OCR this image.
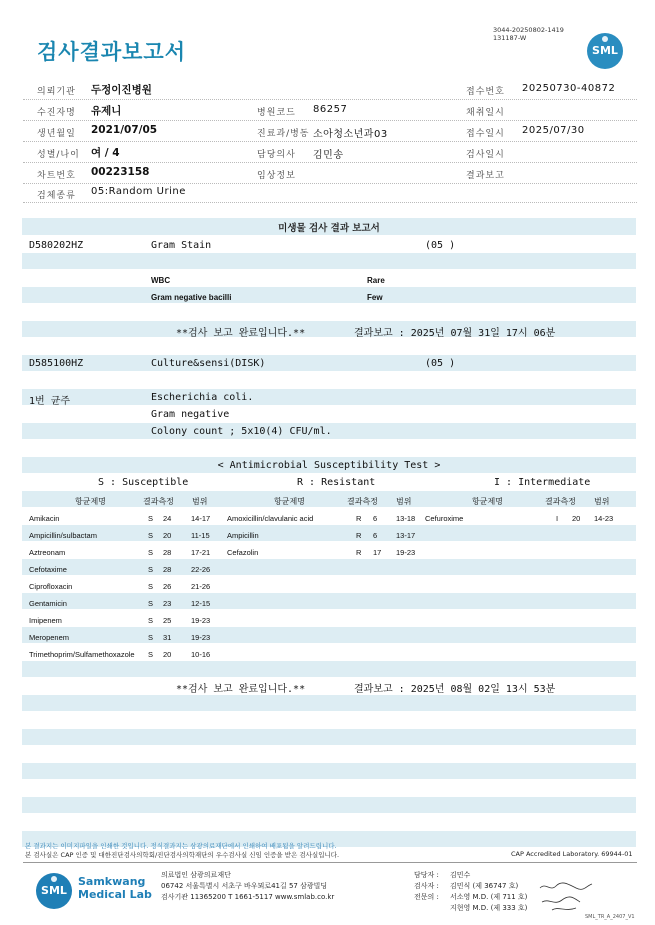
검사결과보고서
3044-20250802-1419
131187-W
SML
의뢰기관 두정이진병원
수진자명 유제니
생년월일 2021/07/05
성별/나이 여 / 4
차트번호 00223158
검체종류 05:Random Urine
병원코드 86257
진료과/병동 소아청소년과03
담당의사 김민송
임상정보
접수번호 20250730-40872
채취일시
접수일시 2025/07/30
검사일시
결과보고
미생물 검사 결과 보고서
D580202HZ	Gram Stain	(05 )
WBC	Rare
Gram negative bacilli	Few
**검사 보고 완료입니다.**	결과보고 : 2025년 07월 31일 17시 06분
D585100HZ	Culture&sensi(DISK)	(05 )
1번 균주	Escherichia coli.
Gram negative
Colony count ; 5x10(4) CFU/ml.
< Antimicrobial Susceptibility Test >
S : Susceptible	R : Resistant	I : Intermediate
항균제명	결과측정 범위	항균제명	결과측정 범위	항균제명	결과측정 범위
Amikacin	S 24	14-17
Ampicillin/sulbactam	S 20	11-15
Aztreonam	S 28	17-21
Cefotaxime	S 28	22-26
Ciprofloxacin	S 26	21-26
Gentamicin	S 23	12-15
Imipenem	S 25	19-23
Meropenem	S 31	19-23
Trimethoprim/Sulfamethoxazole S 20	10-16
Amoxicillin/clavulanic acid	R 6	13-18
Ampicillin	R 6	13-17
Cefazolin	R 17 19-23
Cefuroxime	I 20 14-23
**검사 보고 완료입니다.**	결과보고 : 2025년 08월 02일 13시 53분
본 결과지는 이미지파일을 인쇄한 것입니다. 정식결과지는 삼광의료재단에서 인쇄하여 배포됨을 알려드립니다.
본 검사실은 CAP 인증 및 대한진단검사의학회/진단검사의학재단의 우수검사실 신임 인증을 받은 검사실입니다.	CAP Accredited Laboratory. 69944-01
SML
Samkwang
Medical Lab
의료법인 삼광의료재단
06742 서울특별시 서초구 바우뫼로41길 57 삼광빌딩
검사기관 11365200 T 1661-5117 www.smlab.co.kr
담당자 : 김민수
검사자 : 김민식 (제 36747 호)
전문의 : 서소영 M.D. (제 711 호)
지현영 M.D. (제 333 호)
SML_TR_A_2407_V1
